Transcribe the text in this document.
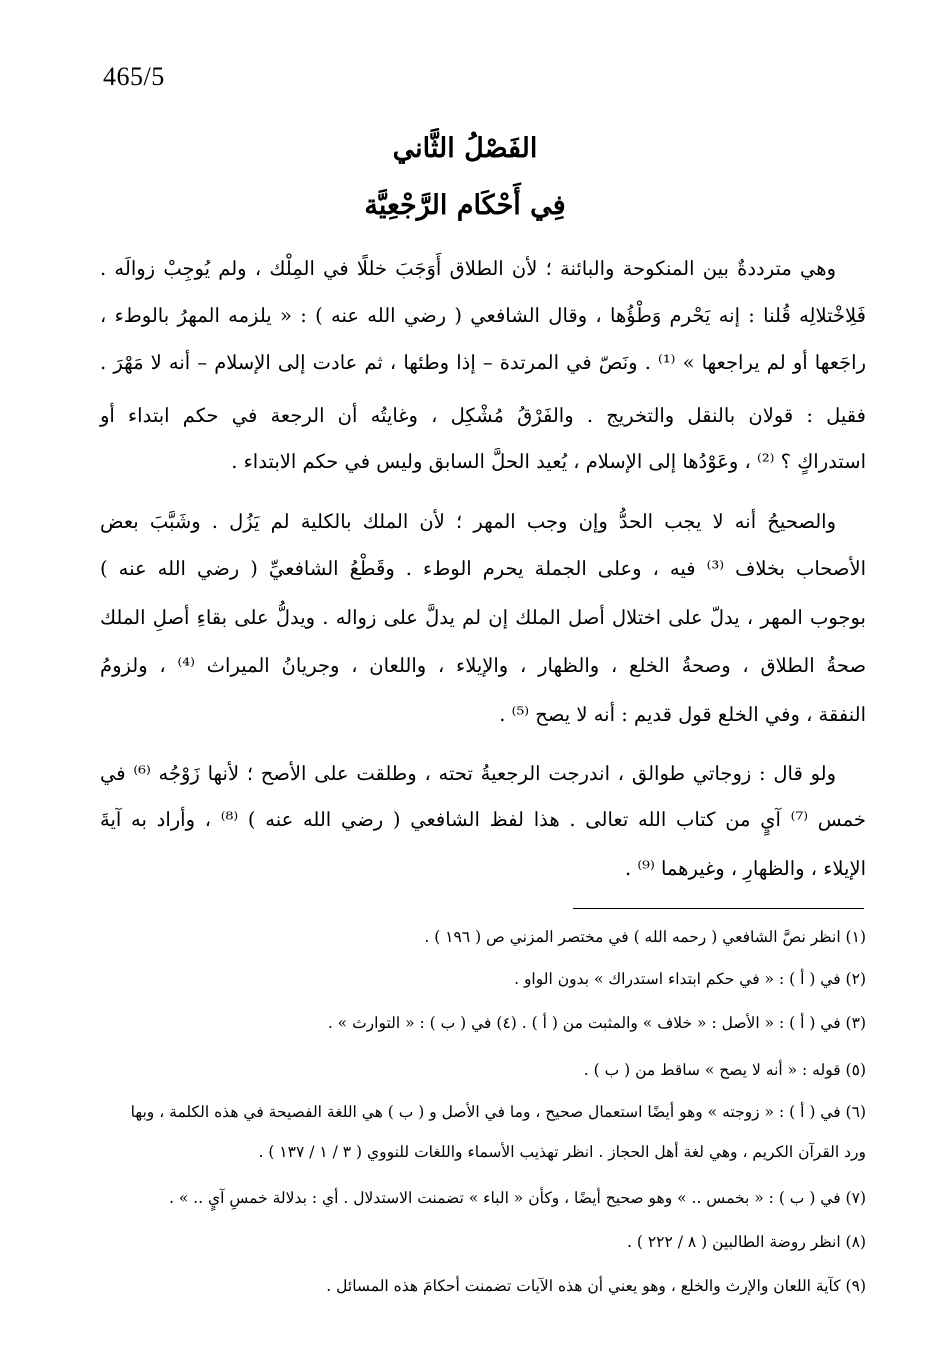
465/5
الفَصْلُ الثَّاني
فِي أَحْكَام الرَّجْعِيَّة
وهي مترددةٌ بين المنكوحة والبائنة ؛ لأن الطلاق أَوَجَبَ خللًا في المِلْك ، ولم يُوجِبْ زوالَه .
فَلِاخْتلالِه قُلنا : إنه يَحْرم وَطْؤُها ، وقال الشافعي ( رضي الله عنه ) : « يلزمه المهرُ بالوطء ،
راجَعها أو لم يراجعها » ⁽¹⁾ . ونَصّ في المرتدة – إذا وطئها ، ثم عادت إلى الإسلام – أنه لا مَهْرَ .
فقيل : قولان بالنقل والتخريج . والفَرْقُ مُشْكِل ، وغايتُه أن الرجعة في حكم ابتداء أو
استدراكٍ ؟ ⁽²⁾ ، وعَوْدُها إلى الإسلام ، يُعيد الحلَّ السابق وليس في حكم الابتداء .
والصحيحُ أنه لا يجب الحدُّ وإن وجب المهر ؛ لأن الملك بالكلية لم يَزُل . وشَبَّبَ بعض
الأصحاب بخلاف ⁽³⁾ فيه ، وعلى الجملة يحرم الوطء . وقَطْعُ الشافعيِّ ( رضي الله عنه )
بوجوب المهر ، يدلّ على اختلال أصل الملك إن لم يدلَّ على زواله . ويدلُّ على بقاءِ أصلِ الملك
صحةُ الطلاق ، وصحةُ الخلع ، والظهار ، والإيلاء ، واللعان ، وجريانُ الميراث ⁽⁴⁾ ، ولزومُ
النفقة ، وفي الخلع قول قديم : أنه لا يصح ⁽⁵⁾ .
ولو قال : زوجاتي طوالق ، اندرجت الرجعيةُ تحته ، وطلقت على الأصح ؛ لأنها زَوْجُه ⁽⁶⁾ في
خمس ⁽⁷⁾ آيٍ من كتاب الله تعالى . هذا لفظ الشافعي ( رضي الله عنه ) ⁽⁸⁾ ، وأراد به آيةَ
الإيلاء ، والظهارِ ، وغيرهما ⁽⁹⁾ .
(١) انظر نصَّ الشافعي ( رحمه الله ) في مختصر المزني ص ( ١٩٦ ) .
(٢) في ( أ ) : « في حكم ابتداء استدراك » بدون الواو .
(٣) في ( أ ) : « الأصل : « خلاف » والمثبت من ( أ ) . (٤) في ( ب ) : « التوارث » .
(٥) قوله : « أنه لا يصح » ساقط من ( ب ) .
(٦) في ( أ ) : « زوجته » وهو أيضًا استعمال صحيح ، وما في الأصل و ( ب ) هي اللغة الفصيحة في هذه الكلمة ، وبها
ورد القرآن الكريم ، وهي لغة أهل الحجاز . انظر تهذيب الأسماء واللغات للنووي ( ٣ / ١ / ١٣٧ ) .
(٧) في ( ب ) : « بخمس .. » وهو صحيح أيضًا ، وكأن « الباء » تضمنت الاستدلال . أي : بدلالة خمسِ آيٍ .. » .
(٨) انظر روضة الطالبين ( ٨ / ٢٢٢ ) .
(٩) كآية اللعان والإرث والخلع ، وهو يعني أن هذه الآيات تضمنت أحكامَ هذه المسائل .
